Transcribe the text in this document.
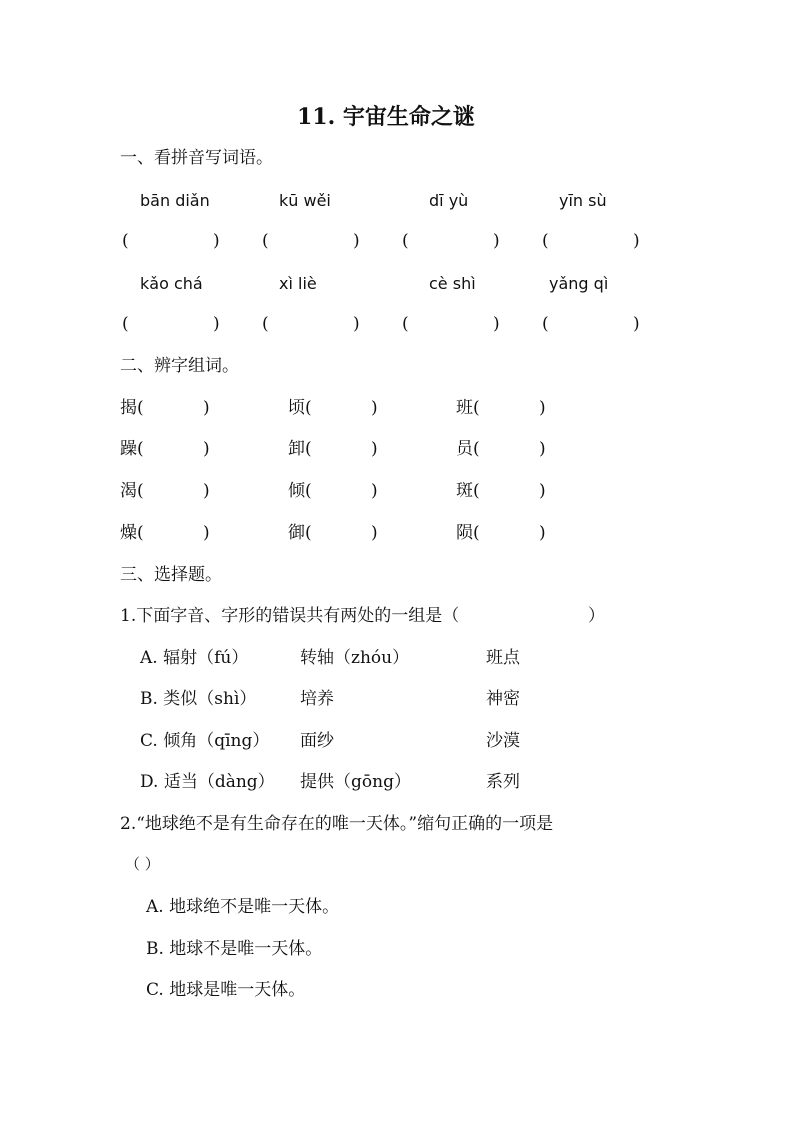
11. 宇宙生命之谜
一、看拼音写词语。
bān diǎn	kū wěi	dī yù	yīn sù
(	) (	) (	) (	)
kǎo chá	xì liè	cè shì	yǎng qì
(	) (	) (	) (	)
二、辨字组词。
揭(	)	顷(	)	班(	)
躁(	)	卸(	)	员(	)
渴(	)	倾(	)	斑(	)
燥(	)	御(	)	陨(	)
三、选择题。
1.下面字音、字形的错误共有两处的一组是（	）
A. 辐射（fú）	转轴（zhóu）	班点
B. 类似（shì）	培养	神密
C. 倾角（qīng） 面纱	沙漠
D. 适当（dàng） 提供（gōng）	系列
2.“地球绝不是有生命存在的唯一天体。”缩句正确的一项是
（ ）
A. 地球绝不是唯一天体。
B. 地球不是唯一天体。
C. 地球是唯一天体。
